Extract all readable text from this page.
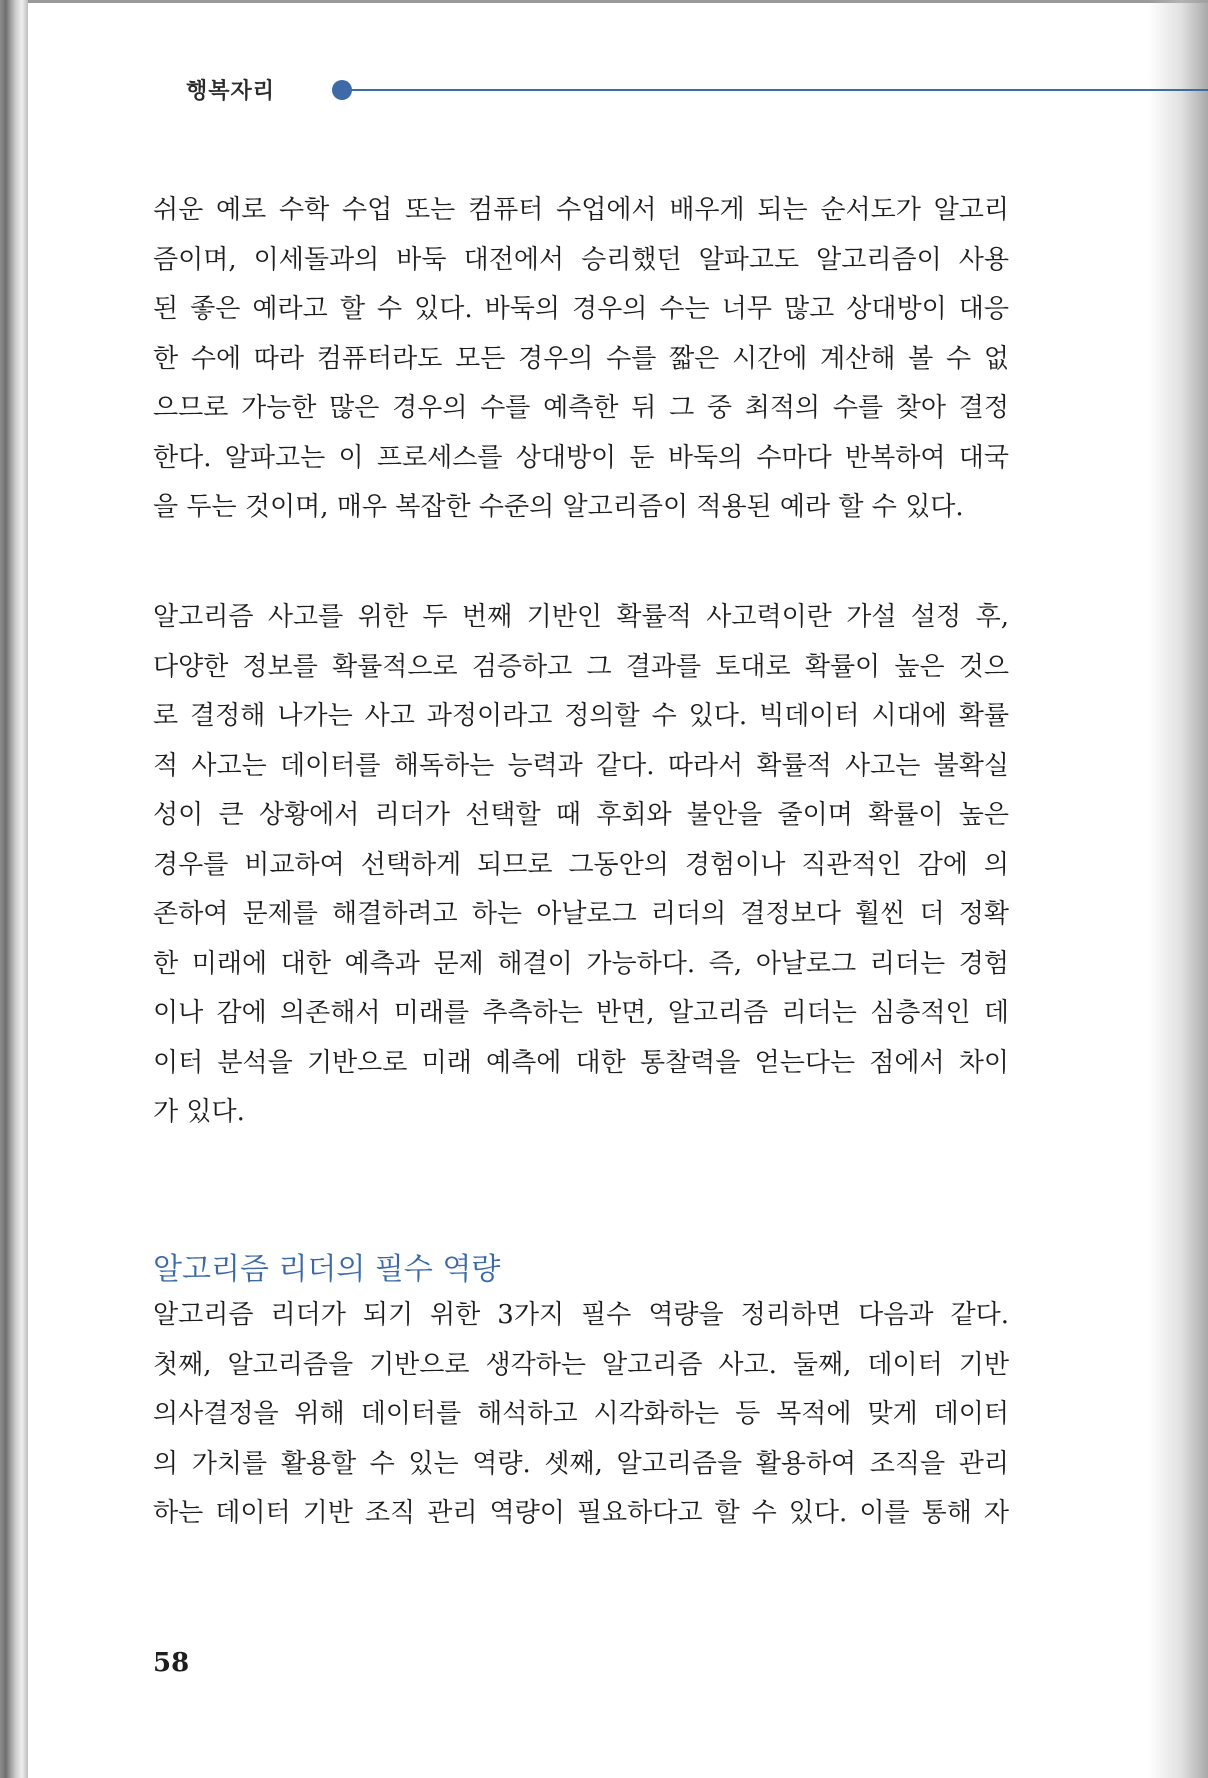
행복자리
쉬운 예로 수학 수업 또는 컴퓨터 수업에서 배우게 되는 순서도가 알고리
즘이며, 이세돌과의 바둑 대전에서 승리했던 알파고도 알고리즘이 사용
된 좋은 예라고 할 수 있다. 바둑의 경우의 수는 너무 많고 상대방이 대응
한 수에 따라 컴퓨터라도 모든 경우의 수를 짧은 시간에 계산해 볼 수 없
으므로 가능한 많은 경우의 수를 예측한 뒤 그 중 최적의 수를 찾아 결정
한다. 알파고는 이 프로세스를 상대방이 둔 바둑의 수마다 반복하여 대국
을 두는 것이며, 매우 복잡한 수준의 알고리즘이 적용된 예라 할 수 있다.
알고리즘 사고를 위한 두 번째 기반인 확률적 사고력이란 가설 설정 후,
다양한 정보를 확률적으로 검증하고 그 결과를 토대로 확률이 높은 것으
로 결정해 나가는 사고 과정이라고 정의할 수 있다. 빅데이터 시대에 확률
적 사고는 데이터를 해독하는 능력과 같다. 따라서 확률적 사고는 불확실
성이 큰 상황에서 리더가 선택할 때 후회와 불안을 줄이며 확률이 높은
경우를 비교하여 선택하게 되므로 그동안의 경험이나 직관적인 감에 의
존하여 문제를 해결하려고 하는 아날로그 리더의 결정보다 훨씬 더 정확
한 미래에 대한 예측과 문제 해결이 가능하다. 즉, 아날로그 리더는 경험
이나 감에 의존해서 미래를 추측하는 반면, 알고리즘 리더는 심층적인 데
이터 분석을 기반으로 미래 예측에 대한 통찰력을 얻는다는 점에서 차이
가 있다.
알고리즘 리더의 필수 역량
알고리즘 리더가 되기 위한 3가지 필수 역량을 정리하면 다음과 같다.
첫째, 알고리즘을 기반으로 생각하는 알고리즘 사고. 둘째, 데이터 기반
의사결정을 위해 데이터를 해석하고 시각화하는 등 목적에 맞게 데이터
의 가치를 활용할 수 있는 역량. 셋째, 알고리즘을 활용하여 조직을 관리
하는 데이터 기반 조직 관리 역량이 필요하다고 할 수 있다. 이를 통해 자
58
